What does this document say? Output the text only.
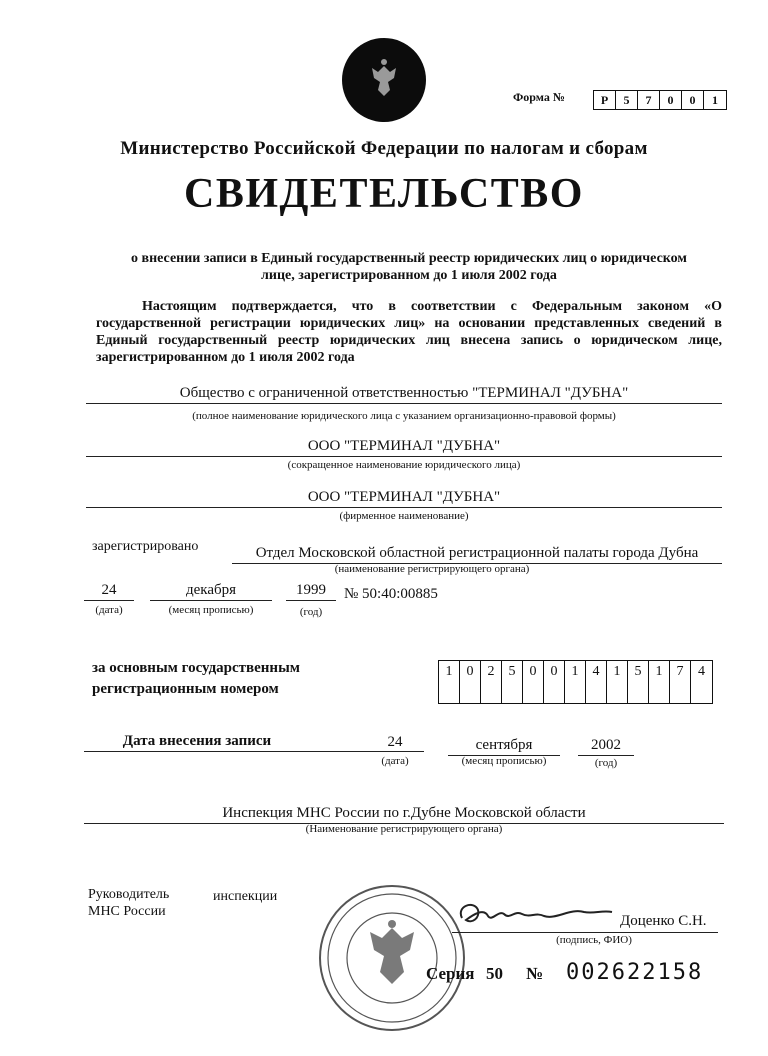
Форма №	Р	5	7	0	0	1
Министерство Российской Федерации по налогам и сборам
СВИДЕТЕЛЬСТВО
о внесении записи в Единый государственный реестр юридических лиц о юридическом
лице, зарегистрированном до 1 июля 2002 года
Настоящим подтверждается, что в соответствии с Федеральным законом «О государственной регистрации юридических лиц» на основании представленных сведений в Единый государственный реестр юридических лиц внесена запись о юридическом лице, зарегистрированном до 1 июля 2002 года
Общество с ограниченной ответственностью "ТЕРМИНАЛ "ДУБНА"
(полное наименование юридического лица с указанием организационно-правовой формы)
ООО "ТЕРМИНАЛ "ДУБНА"
(сокращенное наименование юридического лица)
ООО "ТЕРМИНАЛ "ДУБНА"
(фирменное наименование)
зарегистрировано	Отдел Московской областной регистрационной палаты города Дубна
(наименование регистрирующего органа)
24
(дата)
декабря
(месяц прописью)
1999
(год)
№ 50:40:00885
за основным государственным
регистрационным номером
1	0	2	5	0	0	1	4	1	5	1	7	4
Дата внесения записи	24
(дата)
сентября
(месяц прописью)
2002
(год)
Инспекция МНС России по г.Дубне Московской области
(Наименование регистрирующего органа)
Руководитель
МНС России
инспекции
Доценко С.Н.
(подпись, ФИО)
Серия 50 № 002622158
